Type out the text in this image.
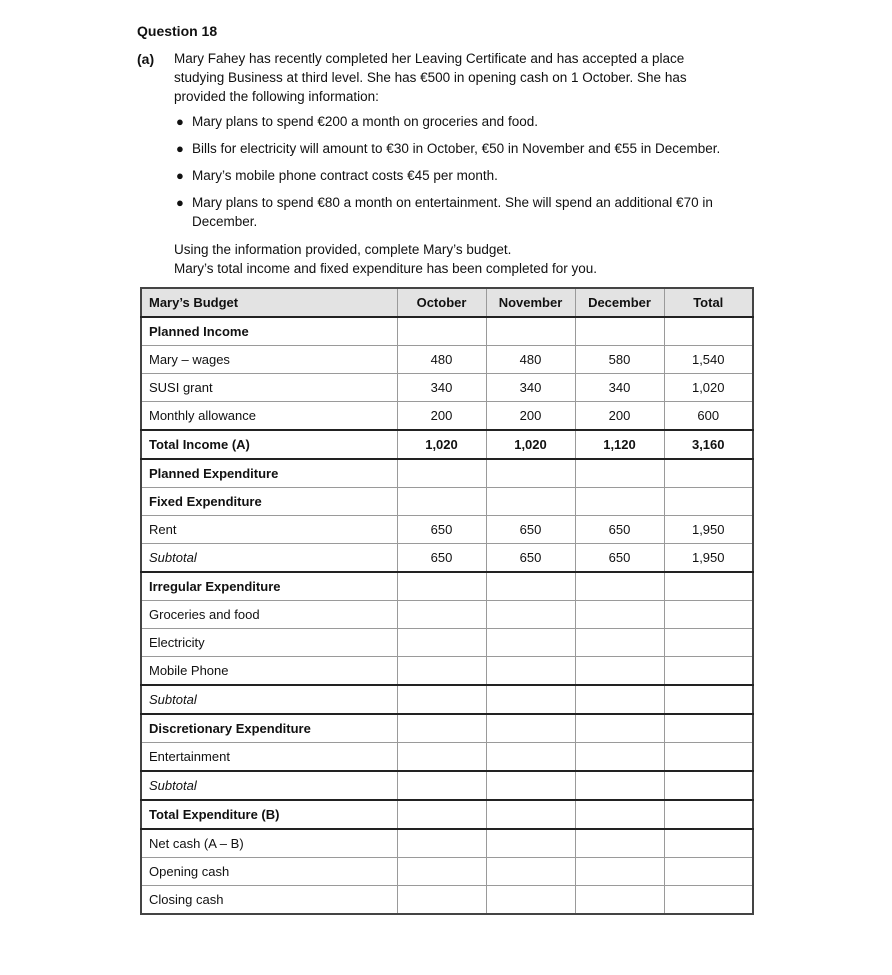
Question 18
(a) Mary Fahey has recently completed her Leaving Certificate and has accepted a place studying Business at third level. She has €500 in opening cash on 1 October. She has provided the following information:
● Mary plans to spend €200 a month on groceries and food.
● Bills for electricity will amount to €30 in October, €50 in November and €55 in December.
● Mary’s mobile phone contract costs €45 per month.
● Mary plans to spend €80 a month on entertainment. She will spend an additional €70 in December.
Using the information provided, complete Mary’s budget.
Mary’s total income and fixed expenditure has been completed for you.
Mary’s Budget	October	November	December	Total
Planned Income				
Mary – wages	480	480	580	1,540
SUSI grant	340	340	340	1,020
Monthly allowance	200	200	200	600
Total Income (A)	1,020	1,020	1,120	3,160
Planned Expenditure				
Fixed Expenditure				
Rent	650	650	650	1,950
Subtotal	650	650	650	1,950
Irregular Expenditure				
Groceries and food				
Electricity				
Mobile Phone				
Subtotal				
Discretionary Expenditure				
Entertainment				
Subtotal				
Total Expenditure (B)				
Net cash (A – B)				
Opening cash				
Closing cash				
